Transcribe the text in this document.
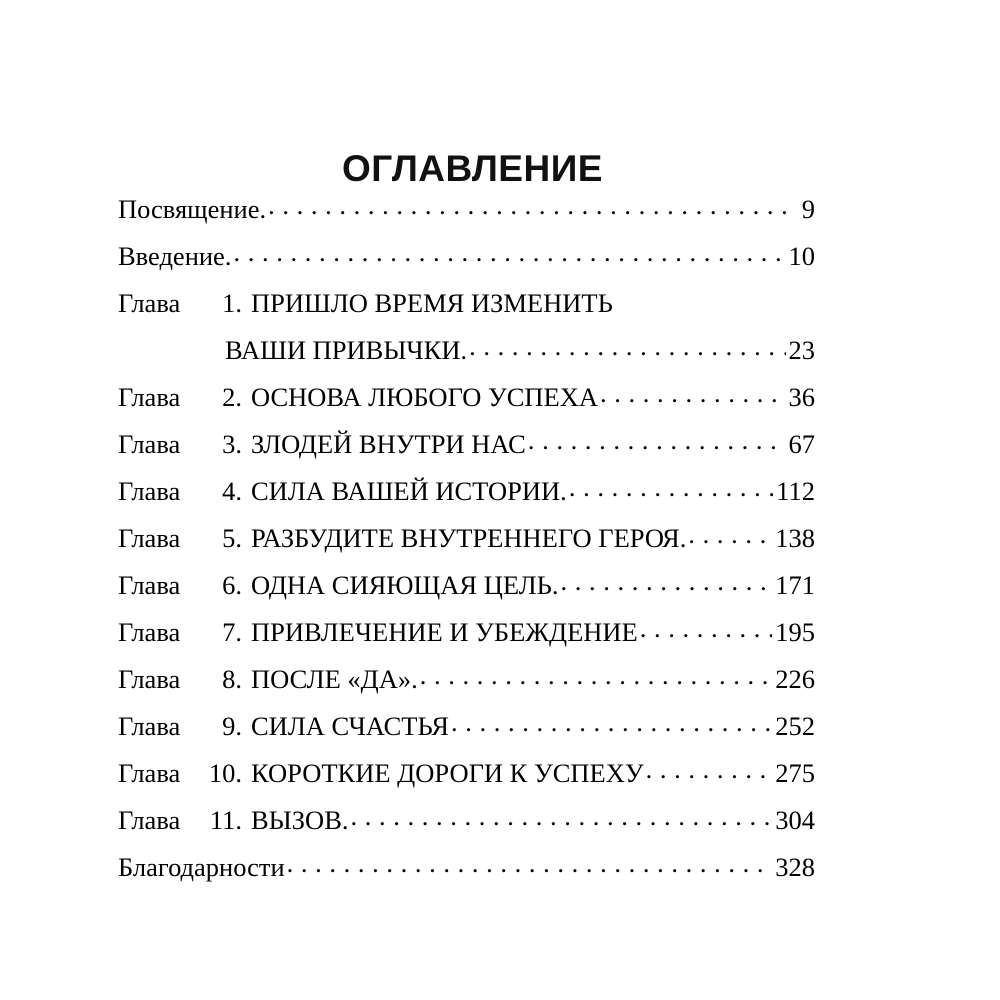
ОГЛАВЛЕНИЕ
Посвящение. . . .	9
Введение. . . .	10
Глава	1. ПРИШЛО ВРЕМЯ ИЗМЕНИТЬ
ВАШИ ПРИВЫЧКИ. . . .	23
Глава	2. ОСНОВА ЛЮБОГО УСПЕХА . . .	36
Глава	3. ЗЛОДЕЙ ВНУТРИ НАС . . .	67
Глава	4. СИЛА ВАШЕЙ ИСТОРИИ. . . .	112
Глава	5. РАЗБУДИТЕ ВНУТРЕННЕГО ГЕРОЯ. . . .	138
Глава	6. ОДНА СИЯЮЩАЯ ЦЕЛЬ. . . .	171
Глава	7. ПРИВЛЕЧЕНИЕ И УБЕЖДЕНИЕ . . .	195
Глава	8. ПОСЛЕ «ДА». . . .	226
Глава	9. СИЛА СЧАСТЬЯ . . .	252
Глава	10. КОРОТКИЕ ДОРОГИ К УСПЕХУ . . .	275
Глава	11. ВЫЗОВ. . . .	304
Благодарности . . .	328
